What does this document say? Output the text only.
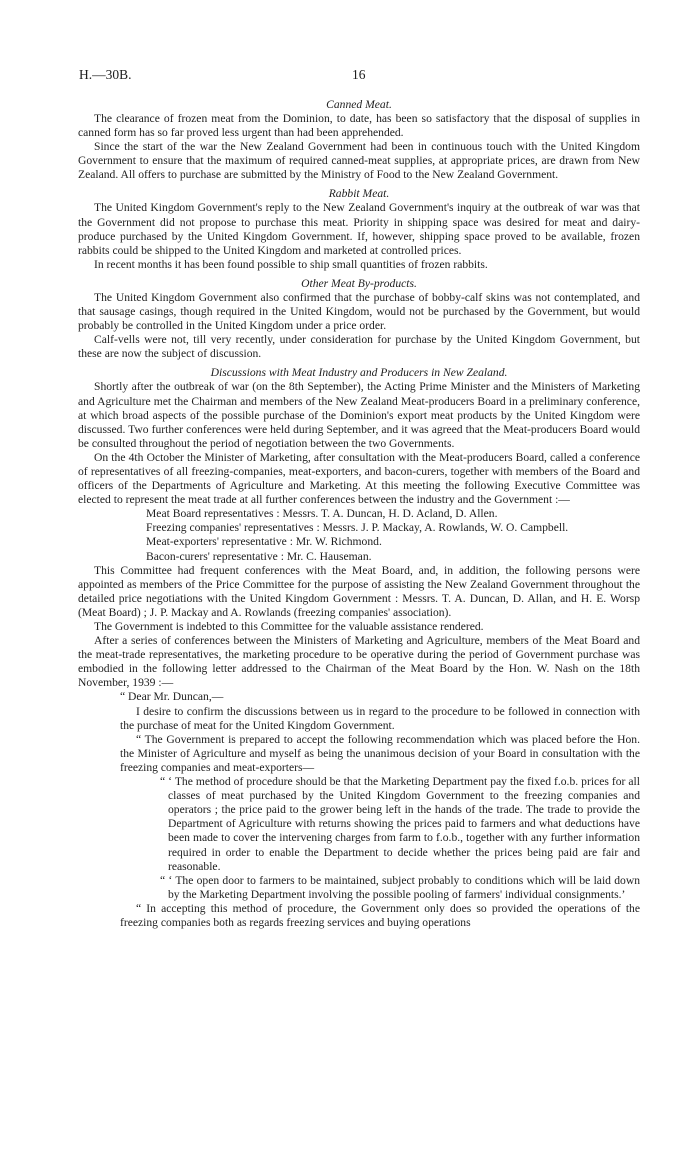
H.—30B.	16
Canned Meat.

The clearance of frozen meat from the Dominion, to date, has been so satisfactory that the disposal of supplies in canned form has so far proved less urgent than had been apprehended.

Since the start of the war the New Zealand Government had been in continuous touch with the United Kingdom Government to ensure that the maximum of required canned-meat supplies, at appropriate prices, are drawn from New Zealand. All offers to purchase are submitted by the Ministry of Food to the New Zealand Government.

Rabbit Meat.

The United Kingdom Government's reply to the New Zealand Government's inquiry at the outbreak of war was that the Government did not propose to purchase this meat. Priority in shipping space was desired for meat and dairy-produce purchased by the United Kingdom Government. If, however, shipping space proved to be available, frozen rabbits could be shipped to the United Kingdom and marketed at controlled prices.

In recent months it has been found possible to ship small quantities of frozen rabbits.

Other Meat By-products.

The United Kingdom Government also confirmed that the purchase of bobby-calf skins was not contemplated, and that sausage casings, though required in the United Kingdom, would not be purchased by the Government, but would probably be controlled in the United Kingdom under a price order.

Calf-vells were not, till very recently, under consideration for purchase by the United Kingdom Government, but these are now the subject of discussion.

Discussions with Meat Industry and Producers in New Zealand.

Shortly after the outbreak of war (on the 8th September), the Acting Prime Minister and the Ministers of Marketing and Agriculture met the Chairman and members of the New Zealand Meat-producers Board in a preliminary conference, at which broad aspects of the possible purchase of the Dominion's export meat products by the United Kingdom were discussed. Two further conferences were held during September, and it was agreed that the Meat-producers Board would be consulted throughout the period of negotiation between the two Governments.

On the 4th October the Minister of Marketing, after consultation with the Meat-producers Board, called a conference of representatives of all freezing-companies, meat-exporters, and bacon-curers, together with members of the Board and officers of the Departments of Agriculture and Marketing. At this meeting the following Executive Committee was elected to represent the meat trade at all further conferences between the industry and the Government :—

Meat Board representatives : Messrs. T. A. Duncan, H. D. Acland, D. Allen.
Freezing companies' representatives : Messrs. J. P. Mackay, A. Rowlands, W. O. Campbell.
Meat-exporters' representative : Mr. W. Richmond.
Bacon-curers' representative : Mr. C. Hauseman.

This Committee had frequent conferences with the Meat Board, and, in addition, the following persons were appointed as members of the Price Committee for the purpose of assisting the New Zealand Government throughout the detailed price negotiations with the United Kingdom Government : Messrs. T. A. Duncan, D. Allan, and H. E. Worsp (Meat Board) ; J. P. Mackay and A. Rowlands (freezing companies' association).

The Government is indebted to this Committee for the valuable assistance rendered.

After a series of conferences between the Ministers of Marketing and Agriculture, members of the Meat Board and the meat-trade representatives, the marketing procedure to be operative during the period of Government purchase was embodied in the following letter addressed to the Chairman of the Meat Board by the Hon. W. Nash on the 18th November, 1939 :—

“ Dear Mr. Duncan,—

I desire to confirm the discussions between us in regard to the procedure to be followed in connection with the purchase of meat for the United Kingdom Government.

“ The Government is prepared to accept the following recommendation which was placed before the Hon. the Minister of Agriculture and myself as being the unanimous decision of your Board in consultation with the freezing companies and meat-exporters—

“ ‘ The method of procedure should be that the Marketing Department pay the fixed f.o.b. prices for all classes of meat purchased by the United Kingdom Government to the freezing companies and operators ; the price paid to the grower being left in the hands of the trade. The trade to provide the Department of Agriculture with returns showing the prices paid to farmers and what deductions have been made to cover the intervening charges from farm to f.o.b., together with any further information required in order to enable the Department to decide whether the prices being paid are fair and reasonable.
“ ‘ The open door to farmers to be maintained, subject probably to conditions which will be laid down by the Marketing Department involving the possible pooling of farmers' individual consignments.’

“ In accepting this method of procedure, the Government only does so provided the operations of the freezing companies both as regards freezing services and buying operations
